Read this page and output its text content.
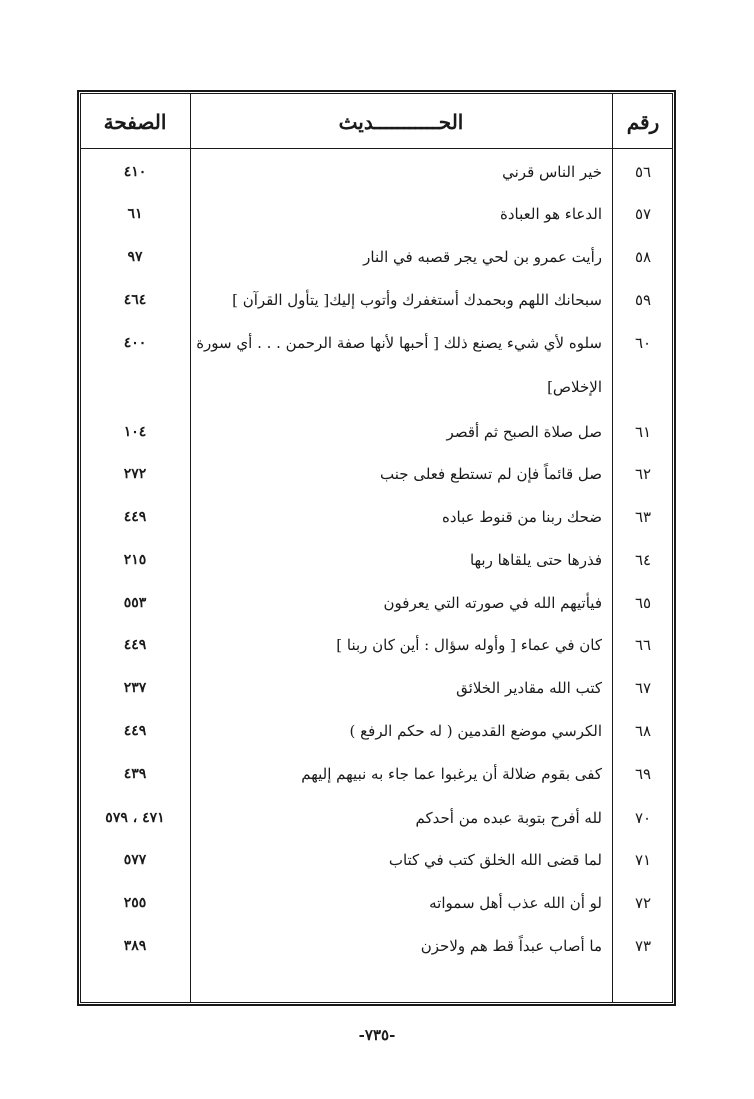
رقم
الحـــــــــــديث
الصفحة
٥٦
خير الناس قرني
٤١٠
٥٧
الدعاء هو العبادة
٦١
٥٨
رأيت عمرو بن لحي يجر قصبه في النار
٩٧
٥٩
سبحانك اللهم وبحمدك أستغفرك وأتوب إليك[ يتأول القرآن ]
٤٦٤
٦٠
سلوه لأي شيء يصنع ذلك [ أحبها لأنها صفة الرحمن . . . أي سورة
٤٠٠
٦١
صل صلاة الصبح ثم أقصر
١٠٤
٦٢
صل قائماً فإن لم تستطع فعلى جنب
٢٧٢
٦٣
ضحك ربنا من قنوط عباده
٤٤٩
٦٤
فذرها حتى يلقاها ربها
٢١٥
٦٥
فيأتيهم الله في صورته التي يعرفون
٥٥٣
٦٦
كان في عماء [ وأوله سؤال : أين كان ربنا ]
٤٤٩
٦٧
كتب الله مقادير الخلائق
٢٣٧
٦٨
الكرسي موضع القدمين ( له حكم الرفع )
٤٤٩
٦٩
كفى بقوم ضلالة أن يرغبوا عما جاء به نبيهم إليهم
٤٣٩
٧٠
لله أفرح بتوبة عبده من أحدكم
٤٧١ ، ٥٧٩
٧١
لما قضى الله الخلق كتب في كتاب
٥٧٧
٧٢
لو أن الله عذب أهل سمواته
٢٥٥
٧٣
ما أصاب عبداً قط هم ولاحزن
٣٨٩
الإخلاص]
-٧٣٥-
